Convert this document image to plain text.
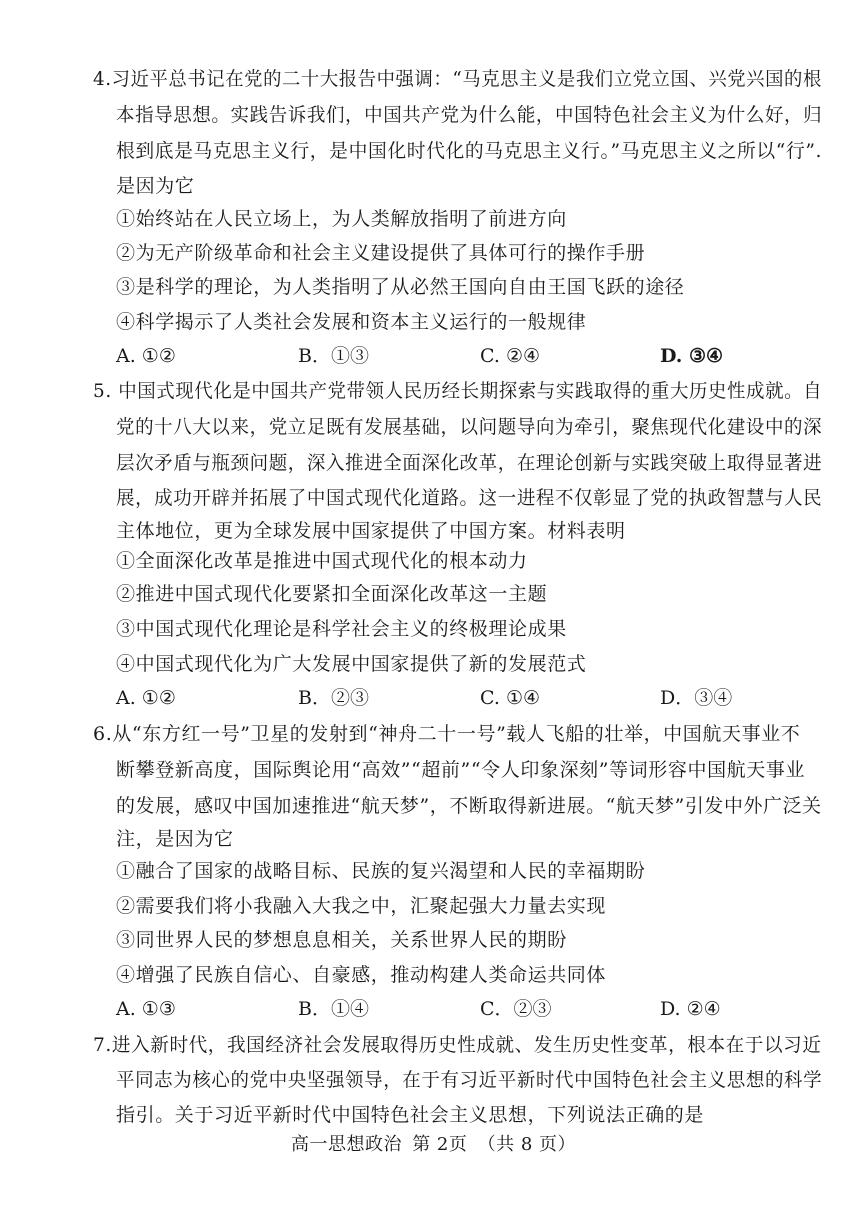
4.习近平总书记在党的二十大报告中强调：“马克思主义是我们立党立国、兴党兴国的根
本指导思想。实践告诉我们，中国共产党为什么能，中国特色社会主义为什么好，归
根到底是马克思主义行，是中国化时代化的马克思主义行。”马克思主义之所以“行”.
是因为它
①始终站在人民立场上，为人类解放指明了前进方向
②为无产阶级革命和社会主义建设提供了具体可行的操作手册
③是科学的理论，为人类指明了从必然王国向自由王国飞跃的途径
④科学揭示了人类社会发展和资本主义运行的一般规律
A. ①②	B．①③	C. ②④	D. ③④
5. 中国式现代化是中国共产党带领人民历经长期探索与实践取得的重大历史性成就。自
党的十八大以来，党立足既有发展基础，以问题导向为牵引，聚焦现代化建设中的深
层次矛盾与瓶颈问题，深入推进全面深化改革，在理论创新与实践突破上取得显著进
展，成功开辟并拓展了中国式现代化道路。这一进程不仅彰显了党的执政智慧与人民
主体地位，更为全球发展中国家提供了中国方案。材料表明
①全面深化改革是推进中国式现代化的根本动力
②推进中国式现代化要紧扣全面深化改革这一主题
③中国式现代化理论是科学社会主义的终极理论成果
④中国式现代化为广大发展中国家提供了新的发展范式
A. ①②	B．②③	C. ①④	D．③④
6.从“东方红一号”卫星的发射到“神舟二十一号”载人飞船的壮举，中国航天事业不
断攀登新高度，国际舆论用“高效”“超前”“令人印象深刻”等词形容中国航天事业
的发展，感叹中国加速推进“航天梦”，不断取得新进展。“航天梦”引发中外广泛关
注，是因为它
①融合了国家的战略目标、民族的复兴渴望和人民的幸福期盼
②需要我们将小我融入大我之中，汇聚起强大力量去实现
③同世界人民的梦想息息相关，关系世界人民的期盼
④增强了民族自信心、自豪感，推动构建人类命运共同体
A. ①③	B．①④	C．②③	D. ②④
7.进入新时代，我国经济社会发展取得历史性成就、发生历史性变革，根本在于以习近
平同志为核心的党中央坚强领导，在于有习近平新时代中国特色社会主义思想的科学
指引。关于习近平新时代中国特色社会主义思想，下列说法正确的是
高一思想政治 第 2页 （共 8 页）
